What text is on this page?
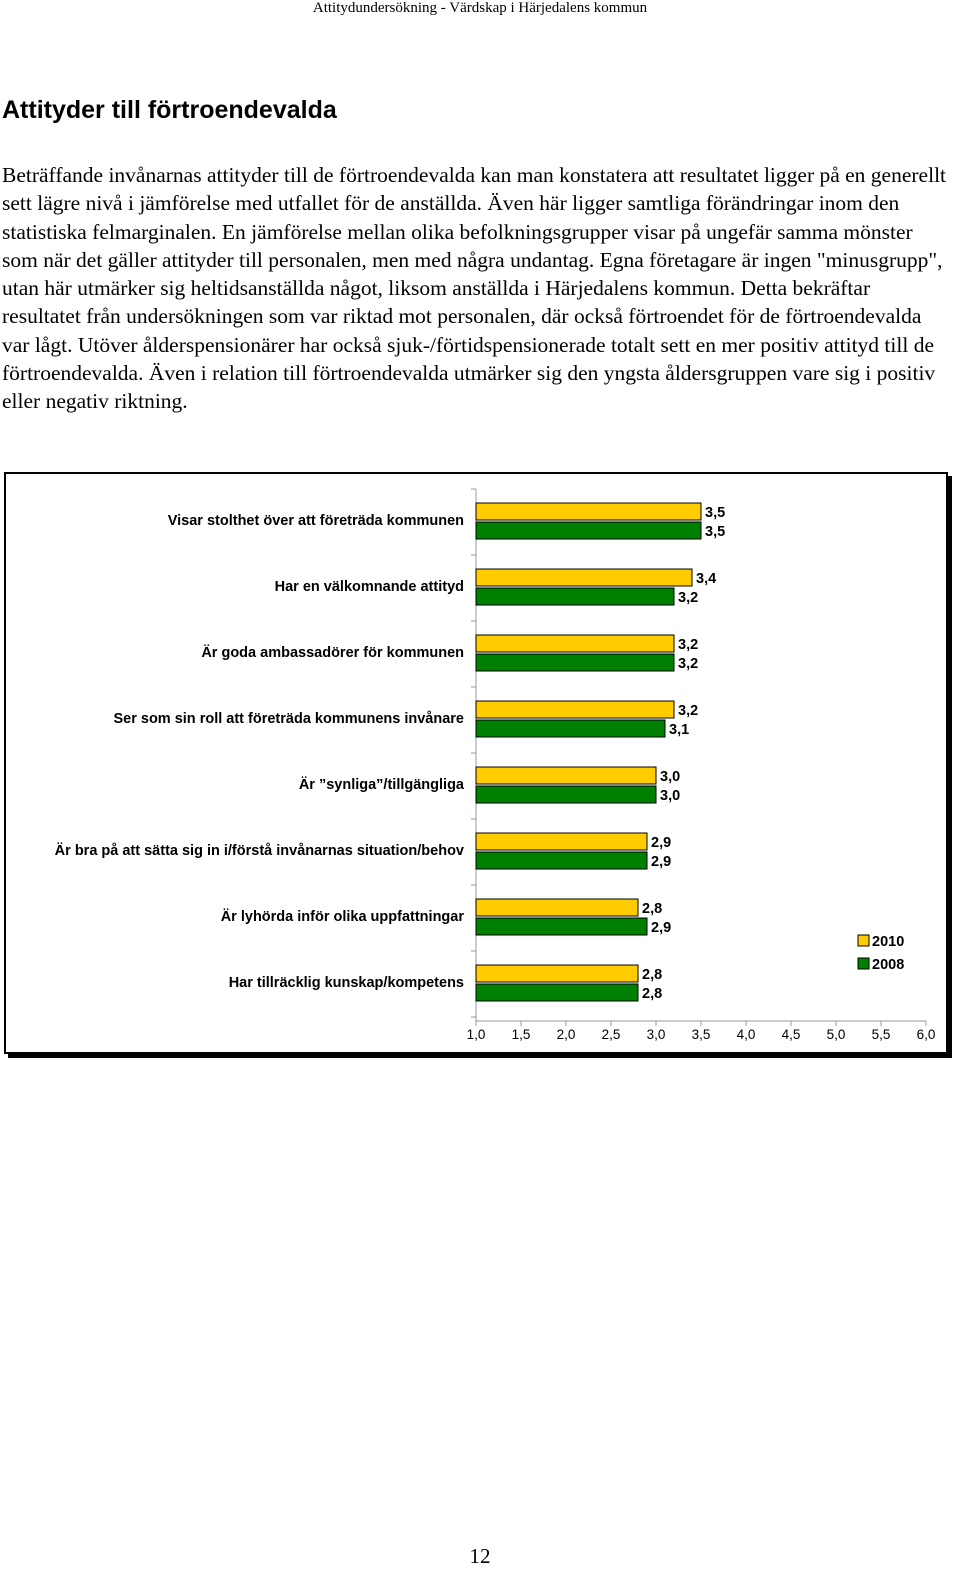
Attitydundersökning - Värdskap i Härjedalens kommun
Attityder till förtroendevalda

Beträffande invånarnas attityder till de förtroendevalda kan man konstatera att resultatet ligger på en generellt sett lägre nivå i jämförelse med utfallet för de anställda. Även här ligger samtliga förändringar inom den statistiska felmarginalen. En jämförelse mellan olika befolkningsgrupper visar på ungefär samma mönster som när det gäller attityder till personalen, men med några undantag. Egna företagare är ingen "minusgrupp", utan här utmärker sig heltidsanställda något, liksom anställda i Härjedalens kommun. Detta bekräftar resultatet från undersökningen som var riktad mot personalen, där också förtroendet för de förtroendevalda var lågt. Utöver ålderspensionärer har också sjuk-/förtidspensionerade totalt sett en mer positiv attityd till de förtroendevalda. Även i relation till förtroendevalda utmärker sig den yngsta åldersgruppen vare sig i positiv eller negativ riktning.

Visar stolthet över att företräda kommunen	3,5
3,5
Har en välkomnande attityd	3,4
3,2
Är goda ambassadörer för kommunen	3,2
3,2
Ser som sin roll att företräda kommunens invånare	3,2
3,1
Är ”synliga”/tillgängliga	3,0
3,0
Är bra på att sätta sig in i/förstå invånarnas situation/behov	2,9
2,9
Är lyhörda inför olika uppfattningar	2,8
2,9
Har tillräcklig kunskap/kompetens	2,8
2,8
1,0 1,5 2,0 2,5 3,0 3,5 4,0 4,5 5,0 5,5 6,0
2010
2008
12
